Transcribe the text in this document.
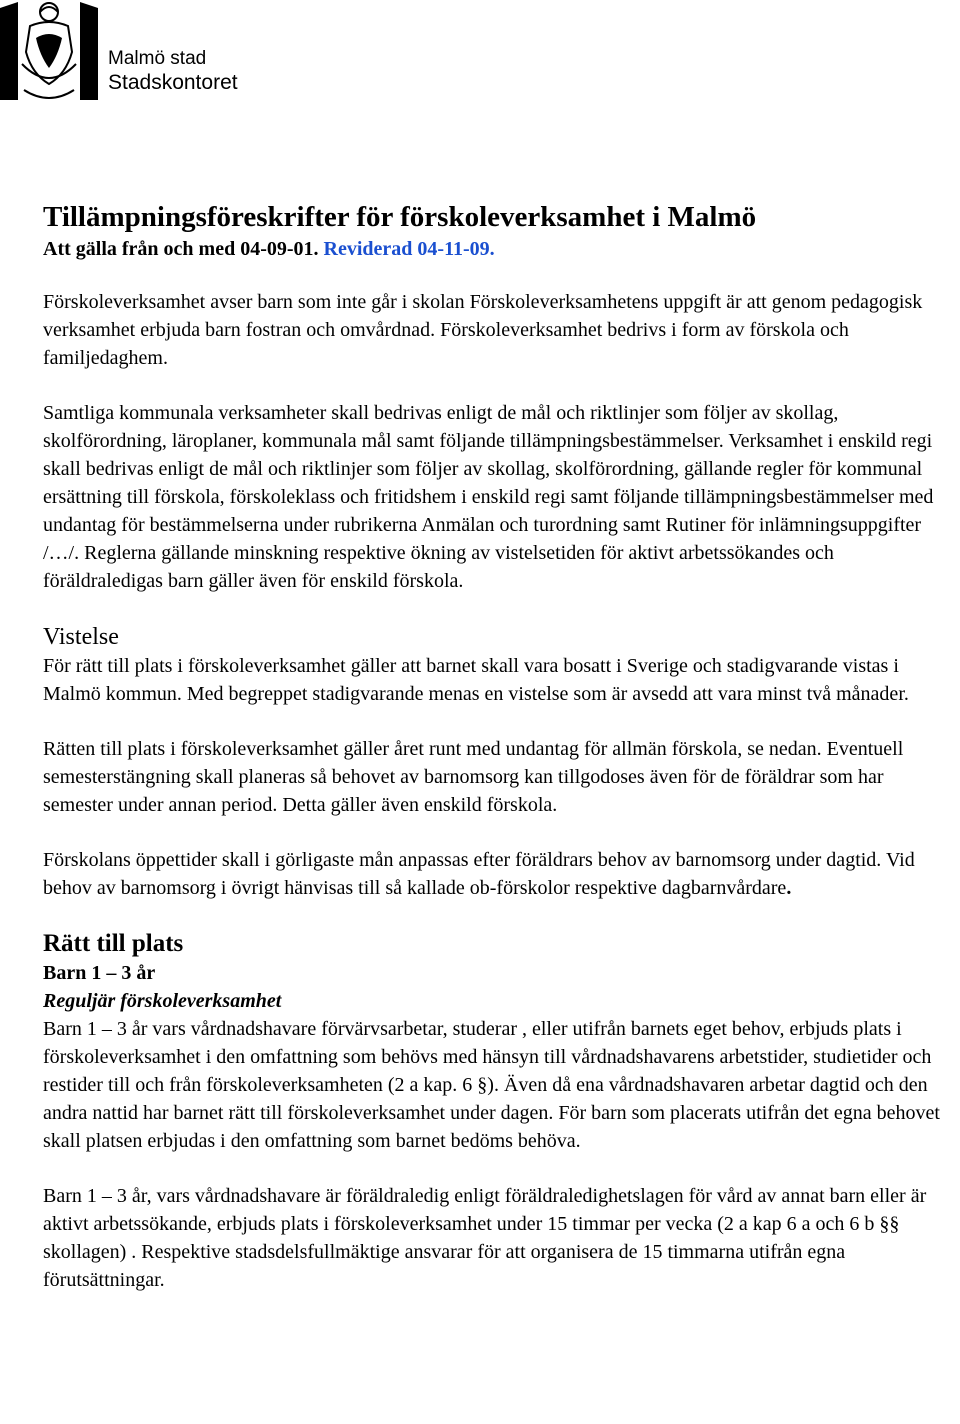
Malmö stad
Stadskontoret
Tillämpningsföreskrifter för förskoleverksamhet i Malmö
Att gälla från och med 04-09-01. Reviderad 04-11-09.

Förskoleverksamhet avser barn som inte går i skolan Förskoleverksamhetens uppgift är att genom pedagogisk verksamhet erbjuda barn fostran och omvårdnad. Förskoleverksamhet bedrivs i form av förskola och familjedaghem.

Samtliga kommunala verksamheter skall bedrivas enligt de mål och riktlinjer som följer av skollag, skolförordning, läroplaner, kommunala mål samt följande tillämpningsbestämmelser. Verksamhet i enskild regi skall bedrivas enligt de mål och riktlinjer som följer av skollag, skolförordning, gällande regler för kommunal ersättning till förskola, förskoleklass och fritidshem i enskild regi samt följande tillämpningsbestämmelser med undantag för bestämmelserna under rubrikerna Anmälan och turordning samt Rutiner för inlämningsuppgifter /…/. Reglerna gällande minskning respektive ökning av vistelsetiden för aktivt arbetssökandes och föräldraledigas barn gäller även för enskild förskola.

Vistelse

För rätt till plats i förskoleverksamhet gäller att barnet skall vara bosatt i Sverige och stadigvarande vistas i Malmö kommun. Med begreppet stadigvarande menas en vistelse som är avsedd att vara minst två månader.

Rätten till plats i förskoleverksamhet gäller året runt med undantag för allmän förskola, se nedan. Eventuell semesterstängning skall planeras så behovet av barnomsorg kan tillgodoses även för de föräldrar som har semester under annan period. Detta gäller även enskild förskola.

Förskolans öppettider skall i görligaste mån anpassas efter föräldrars behov av barnomsorg under dagtid. Vid behov av barnomsorg i övrigt hänvisas till så kallade ob-förskolor respektive dagbarnvårdare.

Rätt till plats
Barn 1 – 3 år
Reguljär förskoleverksamhet

Barn 1 – 3 år vars vårdnadshavare förvärvsarbetar, studerar , eller utifrån barnets eget behov, erbjuds plats i förskoleverksamhet i den omfattning som behövs med hänsyn till vårdnadshavarens arbetstider, studietider och restider till och från förskoleverksamheten (2 a kap. 6 §). Även då ena vårdnadshavaren arbetar dagtid och den andra nattid har barnet rätt till förskoleverksamhet under dagen. För barn som placerats utifrån det egna behovet skall platsen erbjudas i den omfattning som barnet bedöms behöva.

Barn 1 – 3 år, vars vårdnadshavare är föräldraledig enligt föräldraledighetslagen för vård av annat barn eller är aktivt arbetssökande, erbjuds plats i förskoleverksamhet under 15 timmar per vecka (2 a kap 6 a och 6 b §§ skollagen) . Respektive stadsdelsfullmäktige ansvarar för att organisera de 15 timmarna utifrån egna förutsättningar.
